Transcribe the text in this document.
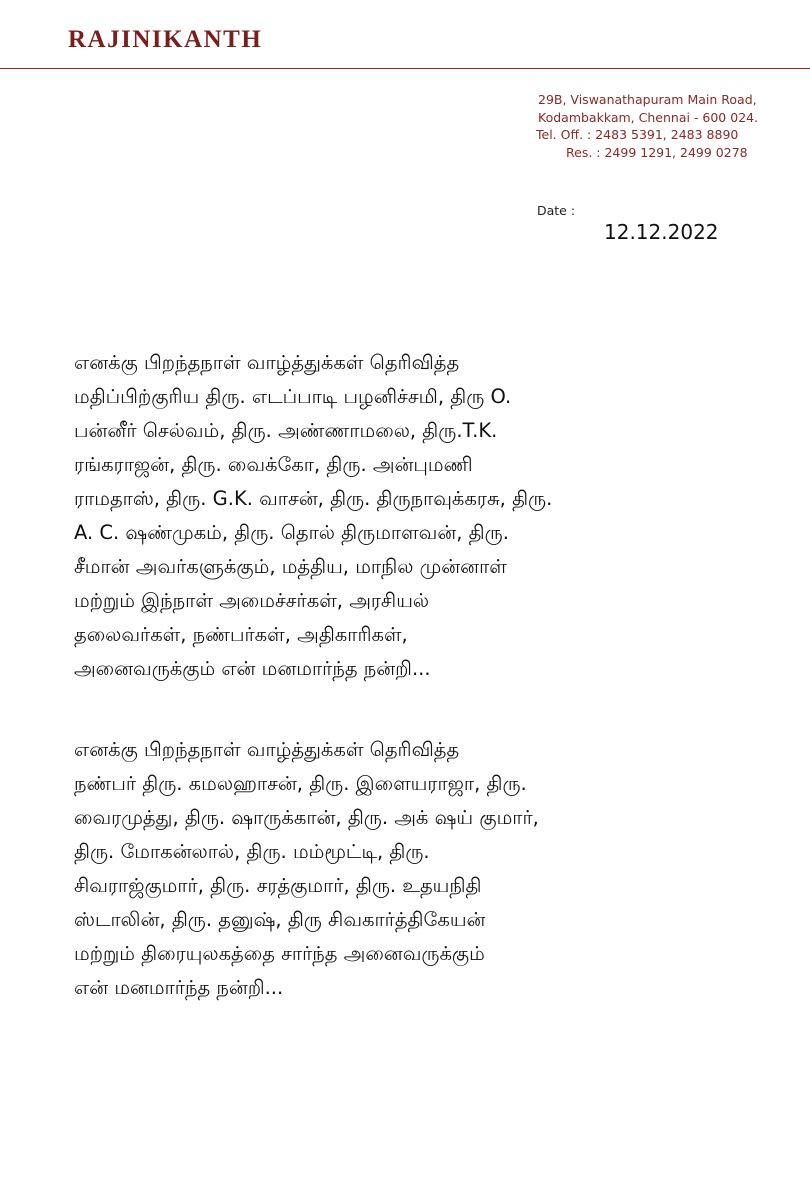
RAJINIKANTH
29B, Viswanathapuram Main Road,
Kodambakkam, Chennai - 600 024.
Tel. Off. : 2483 5391, 2483 8890
Res. : 2499 1291, 2499 0278
Date :
12.12.2022
எனக்கு பிறந்தநாள் வாழ்த்துக்கள் தெரிவித்த
மதிப்பிற்குரிய திரு. எடப்பாடி பழனிச்சமி, திரு O.
பன்னீர் செல்வம், திரு. அண்ணாமலை, திரு.T.K.
ரங்கராஜன், திரு. வைக்கோ, திரு. அன்புமணி
ராமதாஸ், திரு. G.K. வாசன், திரு. திருநாவுக்கரசு, திரு.
A. C. ஷண்முகம், திரு. தொல் திருமாளவன், திரு.
சீமான் அவர்களுக்கும், மத்திய, மாநில முன்னாள்
மற்றும் இந்நாள் அமைச்சர்கள், அரசியல்
தலைவர்கள், நண்பர்கள், அதிகாரிகள்,
அனைவருக்கும் என் மனமார்ந்த நன்றி...
எனக்கு பிறந்தநாள் வாழ்த்துக்கள் தெரிவித்த
நண்பர் திரு. கமலஹாசன், திரு. இளையராஜா, திரு.
வைரமுத்து, திரு. ஷாருக்கான், திரு. அக் ஷய் குமார்,
திரு. மோகன்லால், திரு. மம்மூட்டி, திரு.
சிவராஜ்குமார், திரு. சரத்குமார், திரு. உதயநிதி
ஸ்டாலின், திரு. தனுஷ், திரு சிவகார்த்திகேயன்
மற்றும் திரையுலகத்தை சார்ந்த அனைவருக்கும்
என் மனமார்ந்த நன்றி...
